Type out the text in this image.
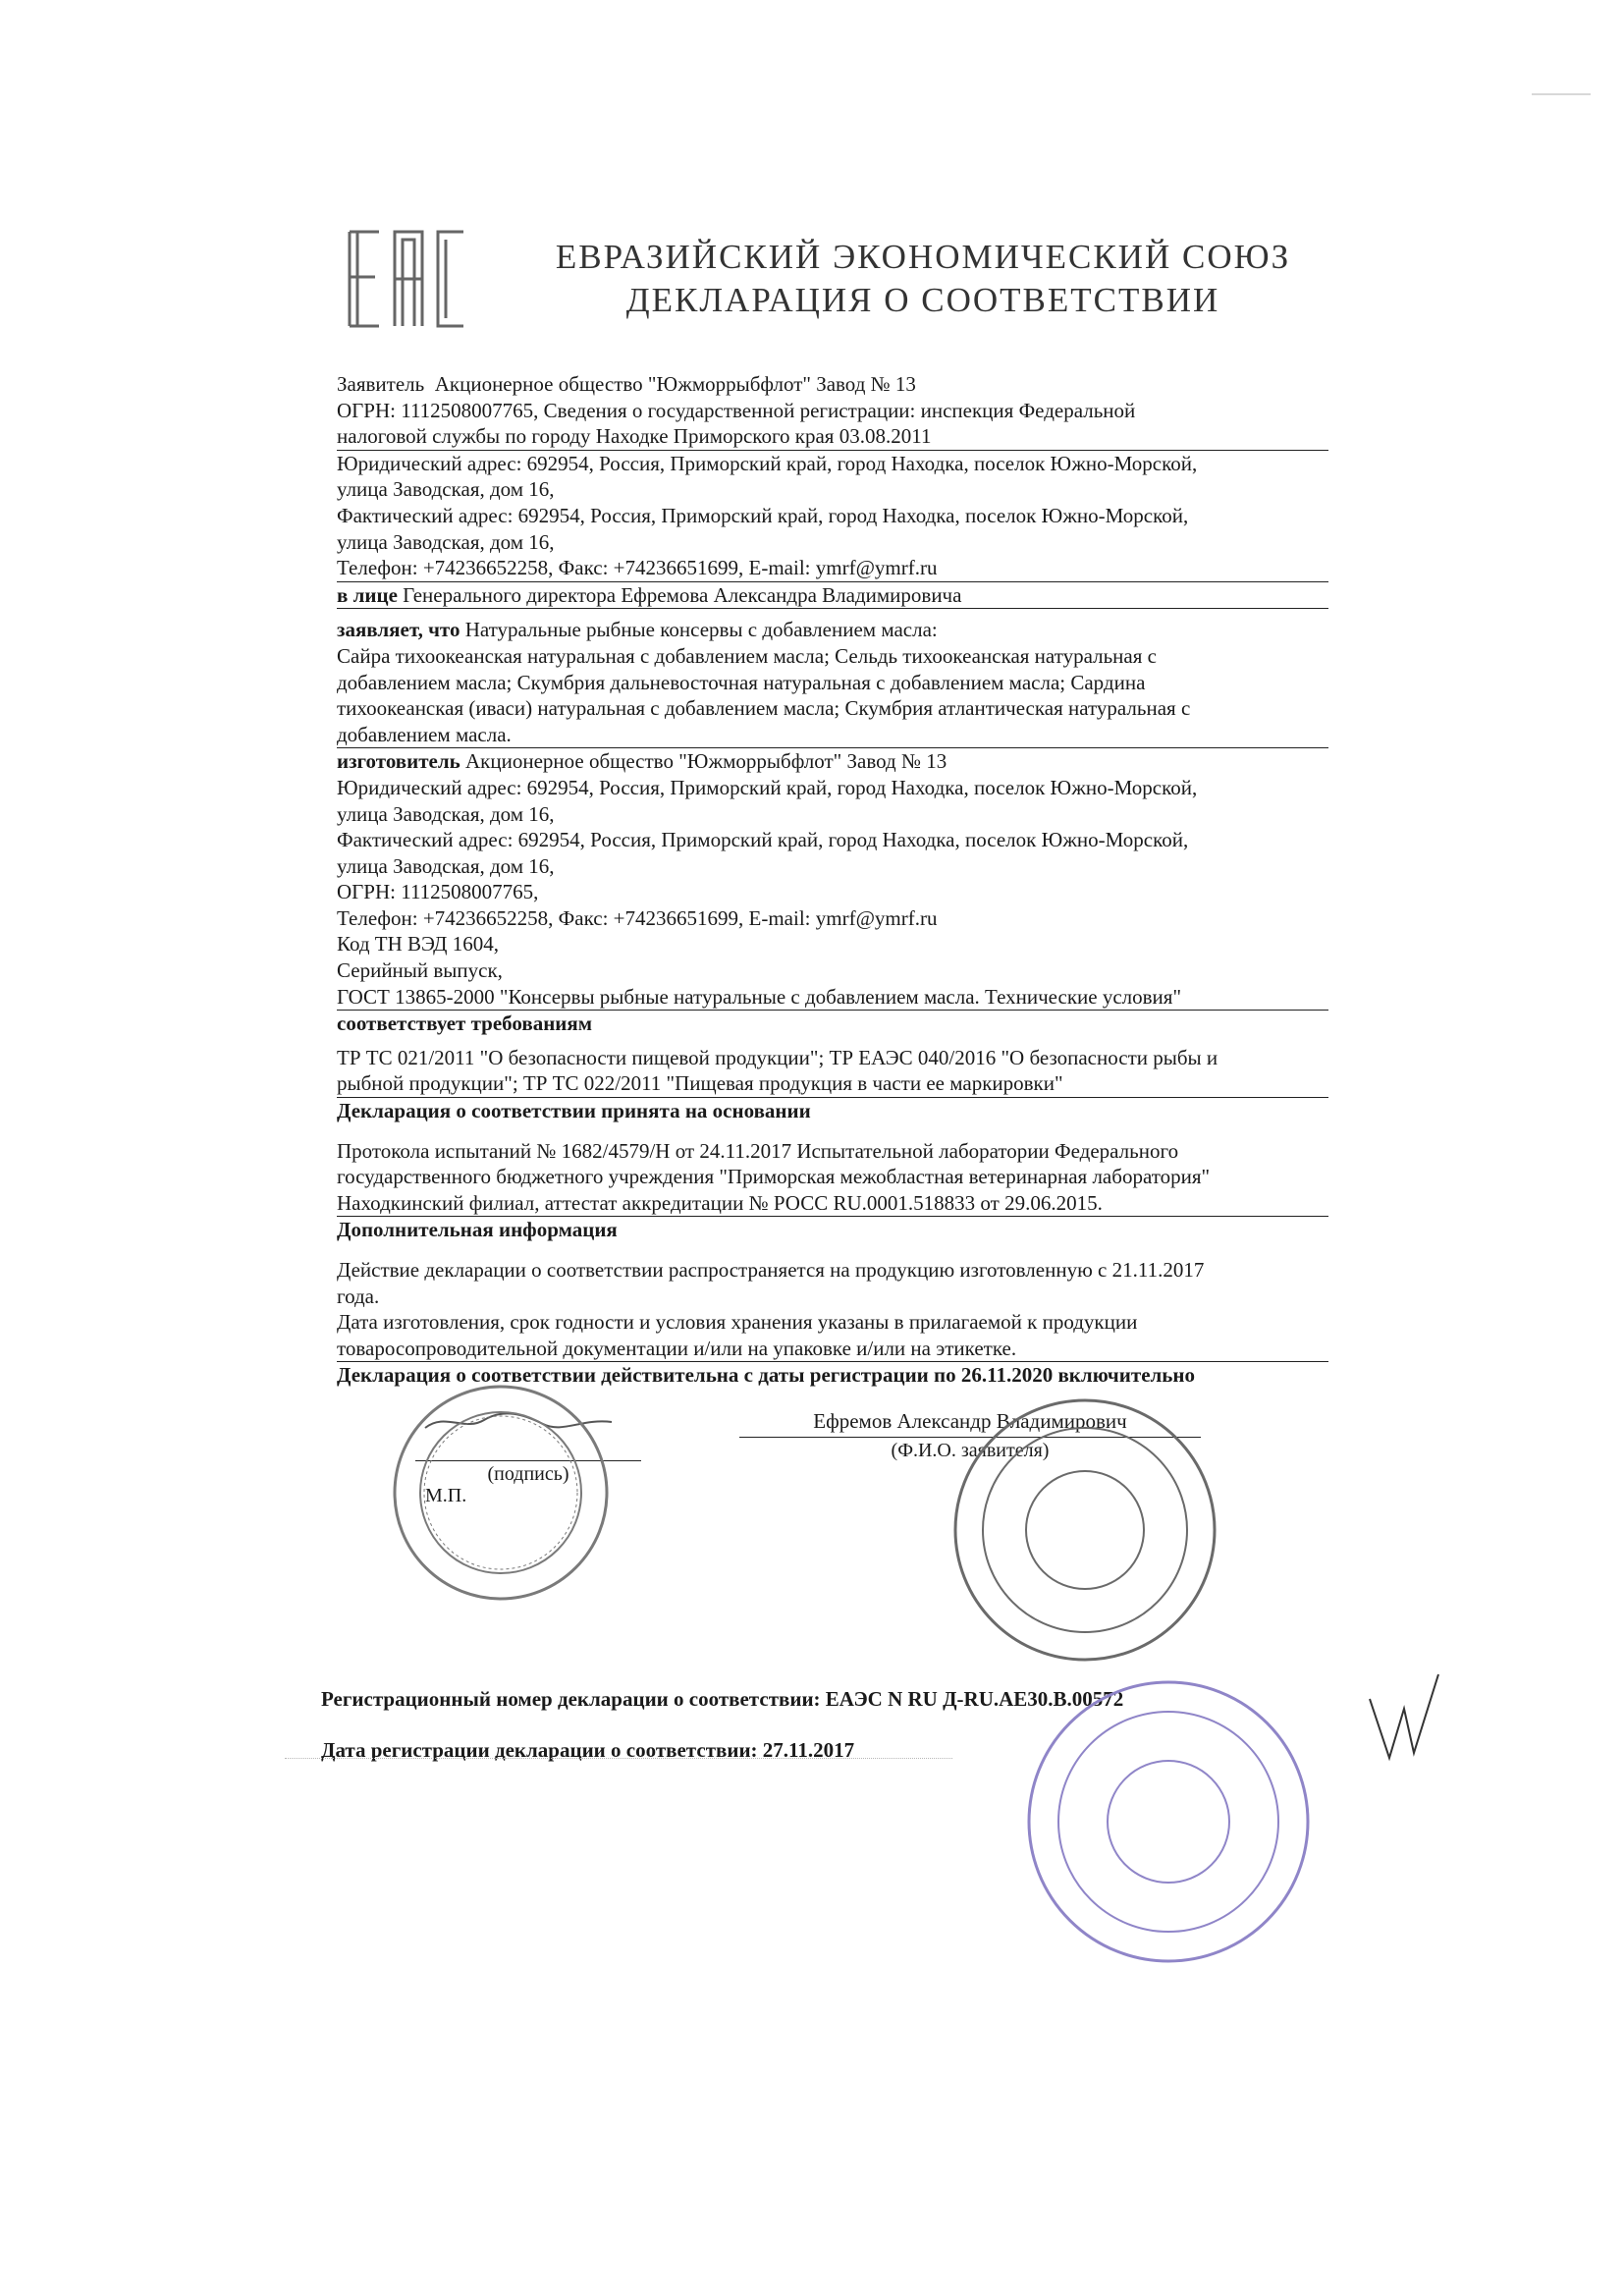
ЕВРАЗИЙСКИЙ ЭКОНОМИЧЕСКИЙ СОЮЗ
ДЕКЛАРАЦИЯ О СООТВЕТСТВИИ
Заявитель Акционерное общество "Южморрыбфлот" Завод № 13
ОГРН: 1112508007765, Сведения о государственной регистрации: инспекция Федеральной
налоговой службы по городу Находке Приморского края 03.08.2011
Юридический адрес: 692954, Россия, Приморский край, город Находка, поселок Южно-Морской,
улица Заводская, дом 16,
Фактический адрес: 692954, Россия, Приморский край, город Находка, поселок Южно-Морской,
улица Заводская, дом 16,
Телефон: +74236652258, Факс: +74236651699, E-mail: ymrf@ymrf.ru
в лице Генерального директора Ефремова Александра Владимировича
заявляет, что Натуральные рыбные консервы с добавлением масла:
Сайра тихоокеанская натуральная с добавлением масла; Сельдь тихоокеанская натуральная с
добавлением масла; Скумбрия дальневосточная натуральная с добавлением масла; Сардина
тихоокеанская (иваси) натуральная с добавлением масла; Скумбрия атлантическая натуральная с
добавлением масла.
изготовитель Акционерное общество "Южморрыбфлот" Завод № 13
Юридический адрес: 692954, Россия, Приморский край, город Находка, поселок Южно-Морской,
улица Заводская, дом 16,
Фактический адрес: 692954, Россия, Приморский край, город Находка, поселок Южно-Морской,
улица Заводская, дом 16,
ОГРН: 1112508007765,
Телефон: +74236652258, Факс: +74236651699, E-mail: ymrf@ymrf.ru
Код ТН ВЭД 1604,
Серийный выпуск,
ГОСТ 13865-2000 "Консервы рыбные натуральные с добавлением масла. Технические условия"
соответствует требованиям
ТР ТС 021/2011 "О безопасности пищевой продукции"; ТР ЕАЭС 040/2016 "О безопасности рыбы и
рыбной продукции"; ТР ТС 022/2011 "Пищевая продукция в части ее маркировки"
Декларация о соответствии принята на основании
Протокола испытаний № 1682/4579/Н от 24.11.2017 Испытательной лаборатории Федерального
государственного бюджетного учреждения "Приморская межобластная ветеринарная лаборатория"
Находкинский филиал, аттестат аккредитации № РОСС RU.0001.518833 от 29.06.2015.
Дополнительная информация
Действие декларации о соответствии распространяется на продукцию изготовленную с 21.11.2017
года.
Дата изготовления, срок годности и условия хранения указаны в прилагаемой к продукции
товаросопроводительной документации и/или на упаковке и/или на этикетке.
Декларация о соответствии действительна с даты регистрации по 26.11.2020 включительно
(подпись)
М.П.
Ефремов Александр Владимирович
(Ф.И.О. заявителя)
Регистрационный номер декларации о соответствии: ЕАЭС N RU Д-RU.АЕ30.В.00572
Дата регистрации декларации о соответствии: 27.11.2017
